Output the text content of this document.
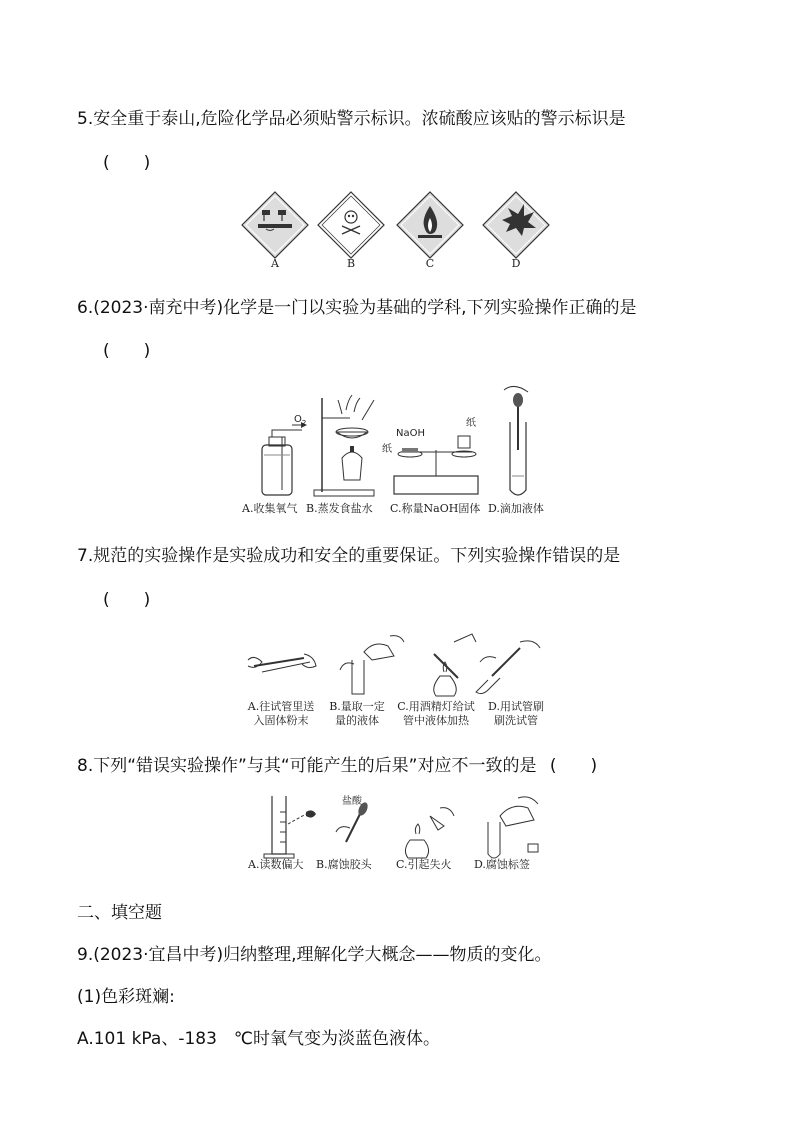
5.安全重于泰山,危险化学品必须贴警示标识。浓硫酸应该贴的警示标识是
(　　)
A	B	C	D
6.(2023·南充中考)化学是一门以实验为基础的学科,下列实验操作正确的是
(　　)
$O_2$
NaOH
纸
纸
A.收集氧气 B.蒸发食盐水 C.称量NaOH固体 D.滴加液体
7.规范的实验操作是实验成功和安全的重要保证。下列实验操作错误的是
(　　)
A.往试管里送
入固体粉末
B.量取一定
量的液体
C.用酒精灯给试
管中液体加热
D.用试管刷
刷洗试管
8.下列“错误实验操作”与其“可能产生的后果”对应不一致的是 (　　)
盐酸
A.读数偏大 B.腐蚀胶头 C.引起失火 D.腐蚀标签
二、填空题
9.(2023·宜昌中考)归纳整理,理解化学大概念——物质的变化。
(1)色彩斑斓:
A.101 kPa、-183　℃时氧气变为淡蓝色液体。
